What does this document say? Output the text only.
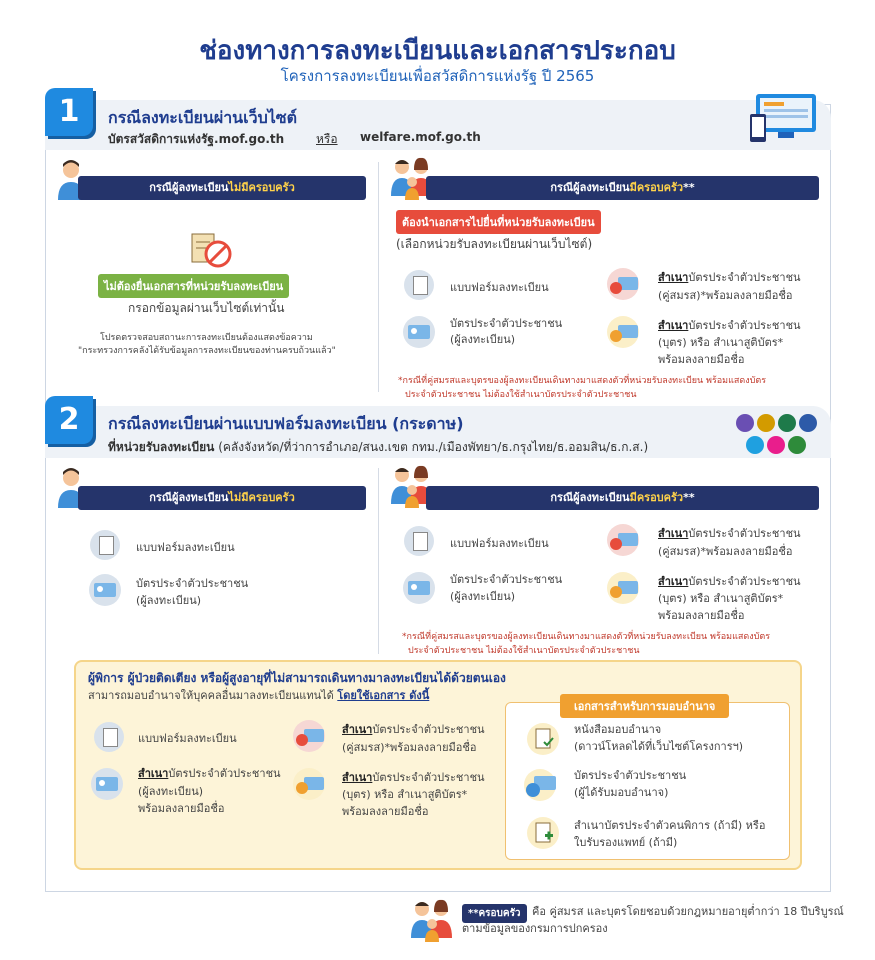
ช่องทางการลงทะเบียนและเอกสารประกอบ
โครงการลงทะเบียนเพื่อสวัสดิการแห่งรัฐ ปี 2565
1	กรณีลงทะเบียนผ่านเว็บไซต์
บัตรสวัสดิการแห่งรัฐ.mof.go.th	หรือ welfare.mof.go.th
กรณีผู้ลงทะเบียนไม่มีครอบครัว
ไม่ต้องยื่นเอกสารที่หน่วยรับลงทะเบียน
กรอกข้อมูลผ่านเว็บไซต์เท่านั้น
โปรดตรวจสอบสถานะการลงทะเบียนต้องแสดงข้อความ
"กระทรวงการคลังได้รับข้อมูลการลงทะเบียนของท่านครบถ้วนแล้ว"
กรณีผู้ลงทะเบียนมีครอบครัว**
ต้องนำเอกสารไปยื่นที่หน่วยรับลงทะเบียน
(เลือกหน่วยรับลงทะเบียนผ่านเว็บไซต์)
แบบฟอร์มลงทะเบียน
บัตรประจำตัวประชาชน
(ผู้ลงทะเบียน)
สำเนาบัตรประจำตัวประชาชน
(คู่สมรส)*พร้อมลงลายมือชื่อ
สำเนาบัตรประจำตัวประชาชน
(บุตร) หรือ สำเนาสูติบัตร*
พร้อมลงลายมือชื่อ
*กรณีที่คู่สมรสและบุตรของผู้ลงทะเบียนเดินทางมาแสดงตัวที่หน่วยรับลงทะเบียน พร้อมแสดงบัตร
ประจำตัวประชาชน ไม่ต้องใช้สำเนาบัตรประจำตัวประชาชน
2	กรณีลงทะเบียนผ่านแบบฟอร์มลงทะเบียน (กระดาษ)
ที่หน่วยรับลงทะเบียน (คลังจังหวัด/ที่ว่าการอำเภอ/สนง.เขต กทม./เมืองพัทยา/ธ.กรุงไทย/ธ.ออมสิน/ธ.ก.ส.)
กรณีผู้ลงทะเบียนไม่มีครอบครัว
แบบฟอร์มลงทะเบียน
บัตรประจำตัวประชาชน
(ผู้ลงทะเบียน)
กรณีผู้ลงทะเบียนมีครอบครัว**
แบบฟอร์มลงทะเบียน
บัตรประจำตัวประชาชน
(ผู้ลงทะเบียน)
สำเนาบัตรประจำตัวประชาชน
(คู่สมรส)*พร้อมลงลายมือชื่อ
สำเนาบัตรประจำตัวประชาชน
(บุตร) หรือ สำเนาสูติบัตร*
พร้อมลงลายมือชื่อ
*กรณีที่คู่สมรสและบุตรของผู้ลงทะเบียนเดินทางมาแสดงตัวที่หน่วยรับลงทะเบียน พร้อมแสดงบัตร
ประจำตัวประชาชน ไม่ต้องใช้สำเนาบัตรประจำตัวประชาชน
ผู้พิการ ผู้ป่วยติดเตียง หรือผู้สูงอายุที่ไม่สามารถเดินทางมาลงทะเบียนได้ด้วยตนเอง
สามารถมอบอำนาจให้บุคคลอื่นมาลงทะเบียนแทนได้ โดยใช้เอกสาร ดังนี้
แบบฟอร์มลงทะเบียน
สำเนาบัตรประจำตัวประชาชน
(ผู้ลงทะเบียน)
พร้อมลงลายมือชื่อ
สำเนาบัตรประจำตัวประชาชน
(คู่สมรส)*พร้อมลงลายมือชื่อ
สำเนาบัตรประจำตัวประชาชน
(บุตร) หรือ สำเนาสูติบัตร*
พร้อมลงลายมือชื่อ
เอกสารสำหรับการมอบอำนาจ
หนังสือมอบอำนาจ
(ดาวน์โหลดได้ที่เว็บไซต์โครงการฯ)
บัตรประจำตัวประชาชน
(ผู้ได้รับมอบอำนาจ)
สำเนาบัตรประจำตัวคนพิการ (ถ้ามี) หรือ
ใบรับรองแพทย์ (ถ้ามี)
**ครอบครัว	คือ คู่สมรส และบุตรโดยชอบด้วยกฎหมายอายุต่ำกว่า 18 ปีบริบูรณ์
ตามข้อมูลของกรมการปกครอง
